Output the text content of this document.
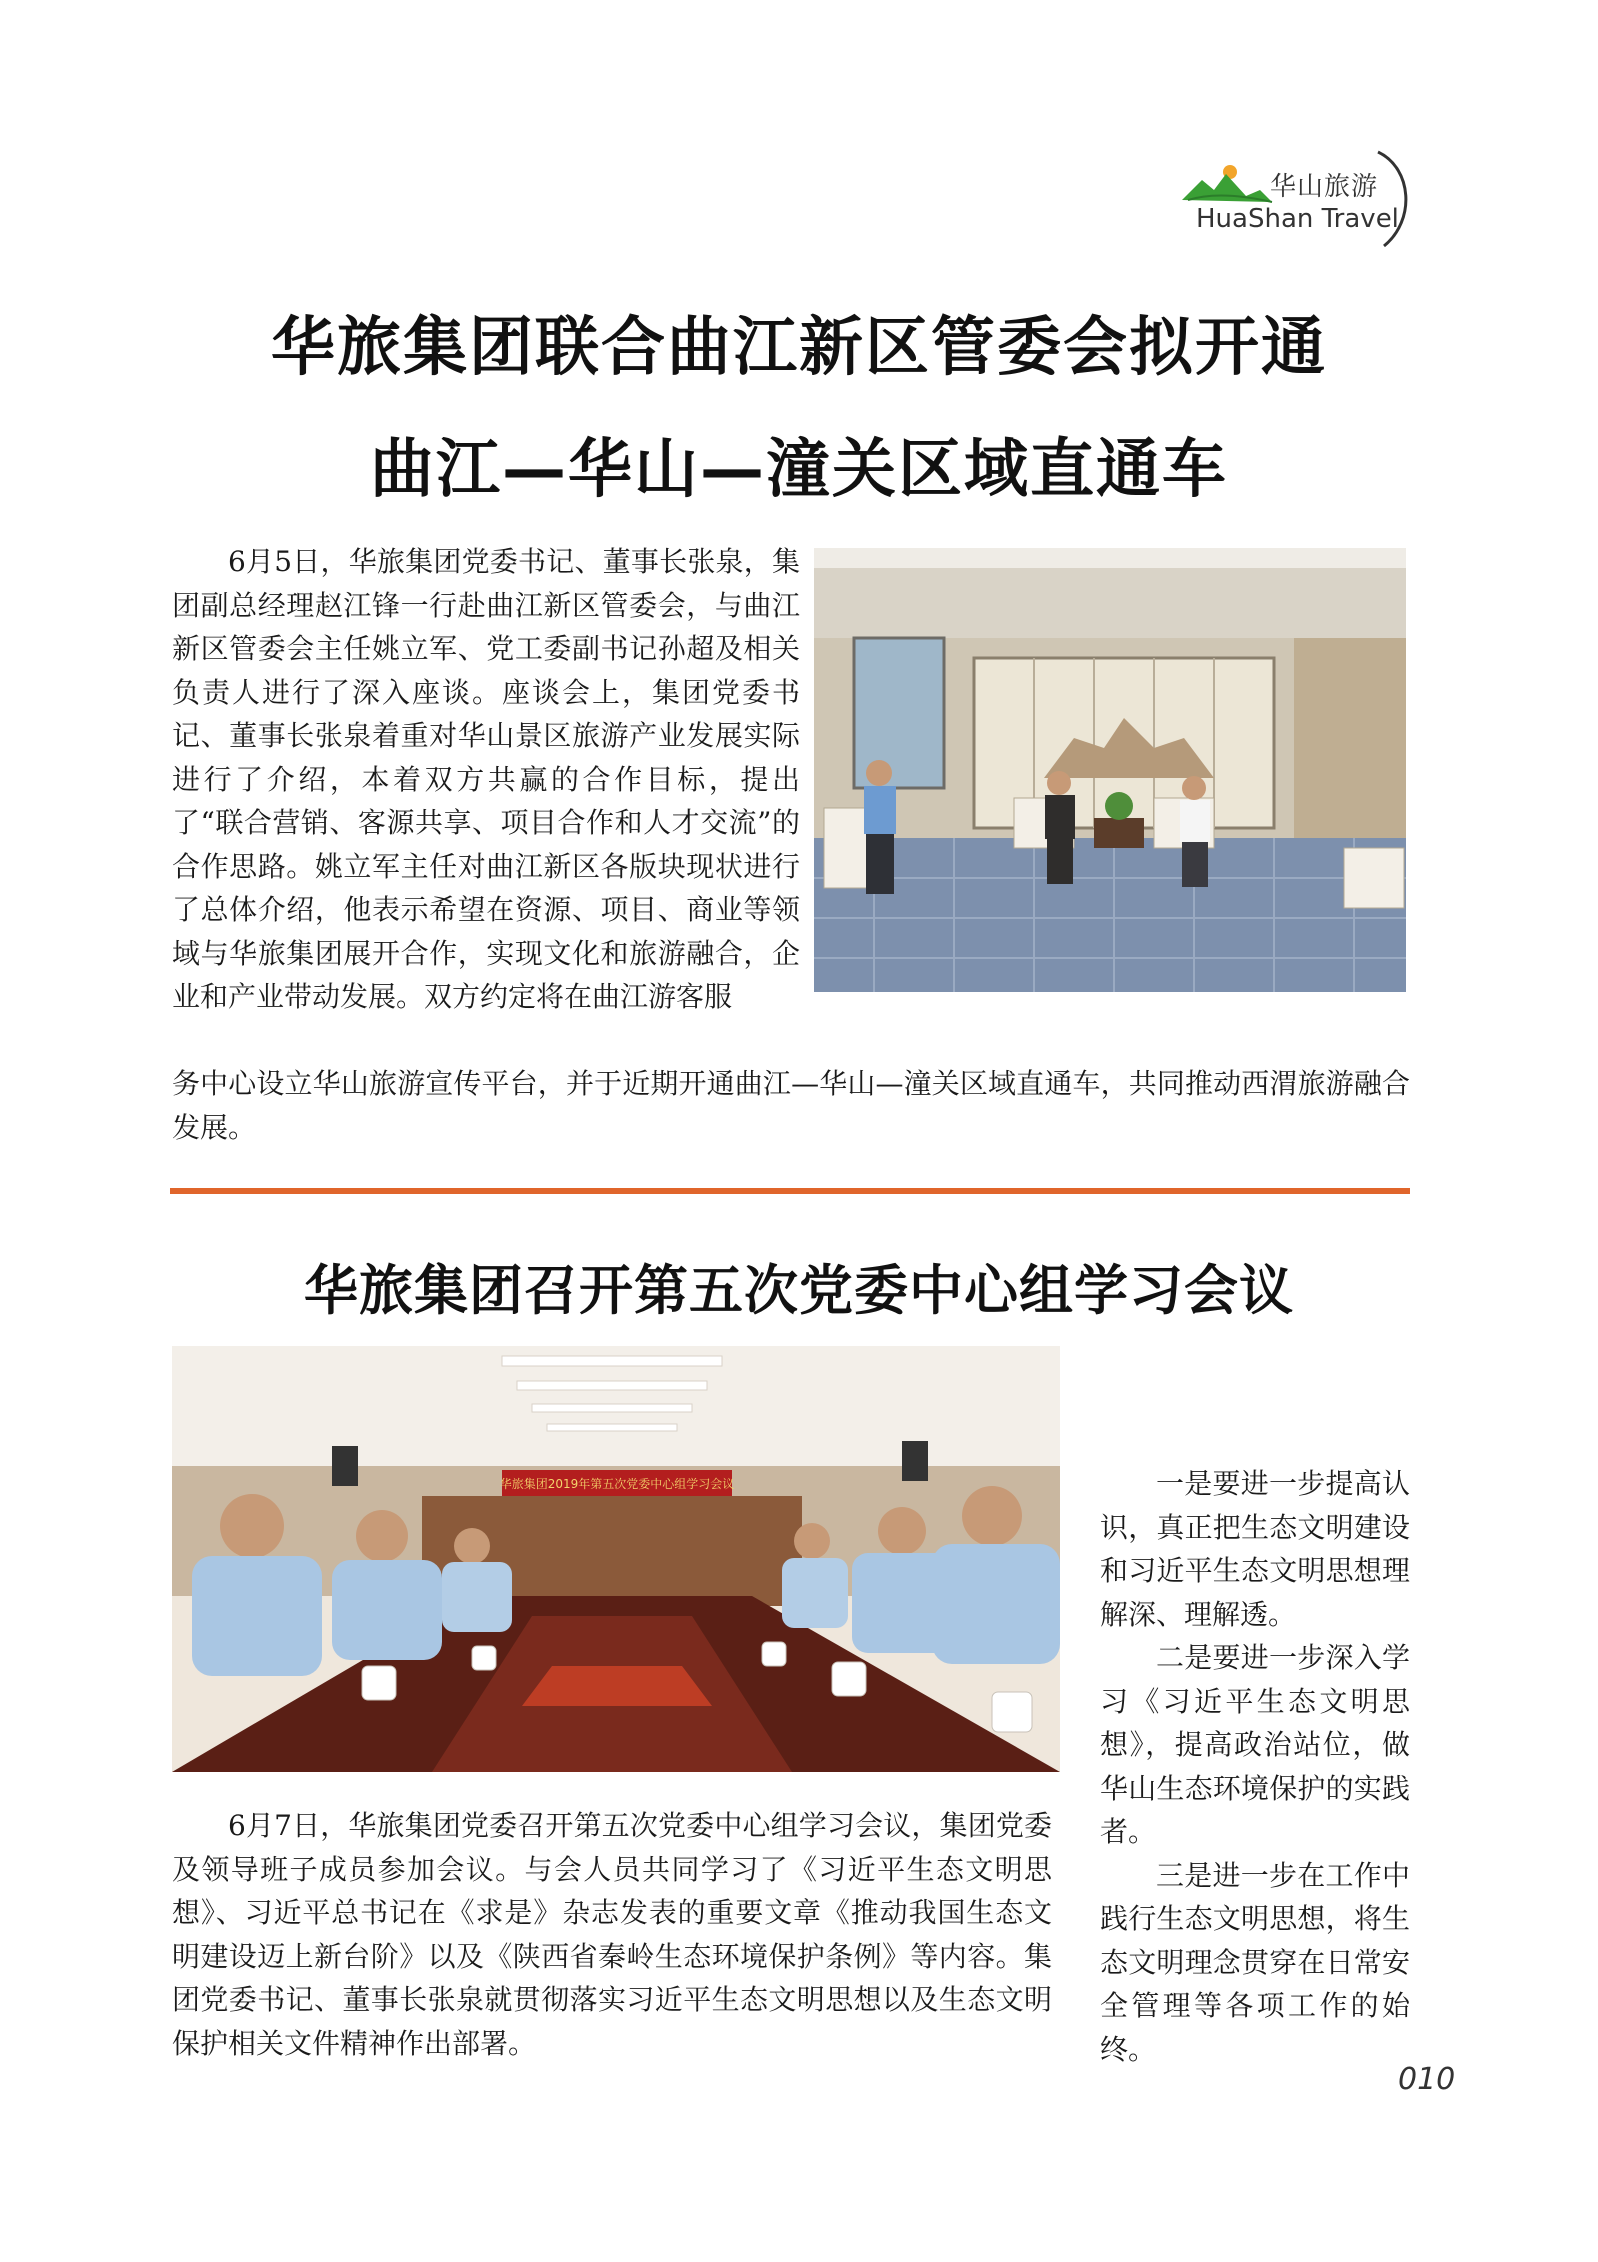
华山旅游
HuaShan Travel
华旅集团联合曲江新区管委会拟开通
曲江—华山—潼关区域直通车

6月5日，华旅集团党委书记、董事长张泉，集团副总经理赵江锋一行赴曲江新区管委会，与曲江新区管委会主任姚立军、党工委副书记孙超及相关负责人进行了深入座谈。座谈会上，集团党委书记、董事长张泉着重对华山景区旅游产业发展实际进行了介绍，本着双方共赢的合作目标，提出了“联合营销、客源共享、项目合作和人才交流”的合作思路。姚立军主任对曲江新区各版块现状进行了总体介绍，他表示希望在资源、项目、商业等领域与华旅集团展开合作，实现文化和旅游融合，企业和产业带动发展。双方约定将在曲江游客服

务中心设立华山旅游宣传平台，并于近期开通曲江—华山—潼关区域直通车，共同推动西渭旅游融合发展。

华旅集团召开第五次党委中心组学习会议
华旅集团2019年第五次党委中心组学习会议

6月7日，华旅集团党委召开第五次党委中心组学习会议，集团党委及领导班子成员参加会议。与会人员共同学习了《习近平生态文明思想》、习近平总书记在《求是》杂志发表的重要文章《推动我国生态文明建设迈上新台阶》以及《陕西省秦岭生态环境保护条例》等内容。集团党委书记、董事长张泉就贯彻落实习近平生态文明思想以及生态文明保护相关文件精神作出部署。

一是要进一步提高认识，真正把生态文明建设和习近平生态文明思想理解深、理解透。

二是要进一步深入学习《习近平生态文明思想》，提高政治站位，做华山生态环境保护的实践者。

三是进一步在工作中践行生态文明思想，将生态文明理念贯穿在日常安全管理等各项工作的始终。

010
